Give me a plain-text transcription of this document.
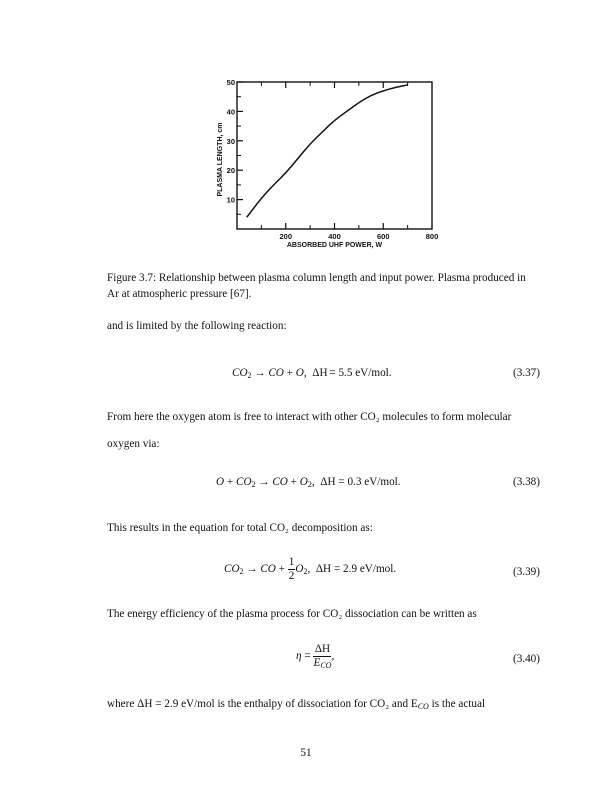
10
20
30
40
50
200	400	600	800
ABSORBED UHF POWER, W
PLASMA LENGTH, cm
Figure 3.7: Relationship between plasma column length and input power. Plasma produced in Ar at atmospheric pressure [67].
and is limited by the following reaction:
$CO_2$ → CO + O, ΔH = 5.5 eV/mol.	(3.37)
From here the oxygen atom is free to interact with other CO₂ molecules to form molecular oxygen via:
$O + CO_2$ → CO + $O_2$, ΔH = 0.3 eV/mol.	(3.38)
This results in the equation for total CO₂ decomposition as:
$CO_2$ → CO + $\frac{1}{2} O_2$, ΔH = 2.9 eV/mol.	(3.39)
The energy efficiency of the plasma process for CO₂ dissociation can be written as
$\eta = \frac{\Delta H}{E_{CO}}$ ,	(3.40)
where ΔH = 2.9 eV/mol is the enthalpy of dissociation for CO₂ and $E_{CO}$ is the actual
51
